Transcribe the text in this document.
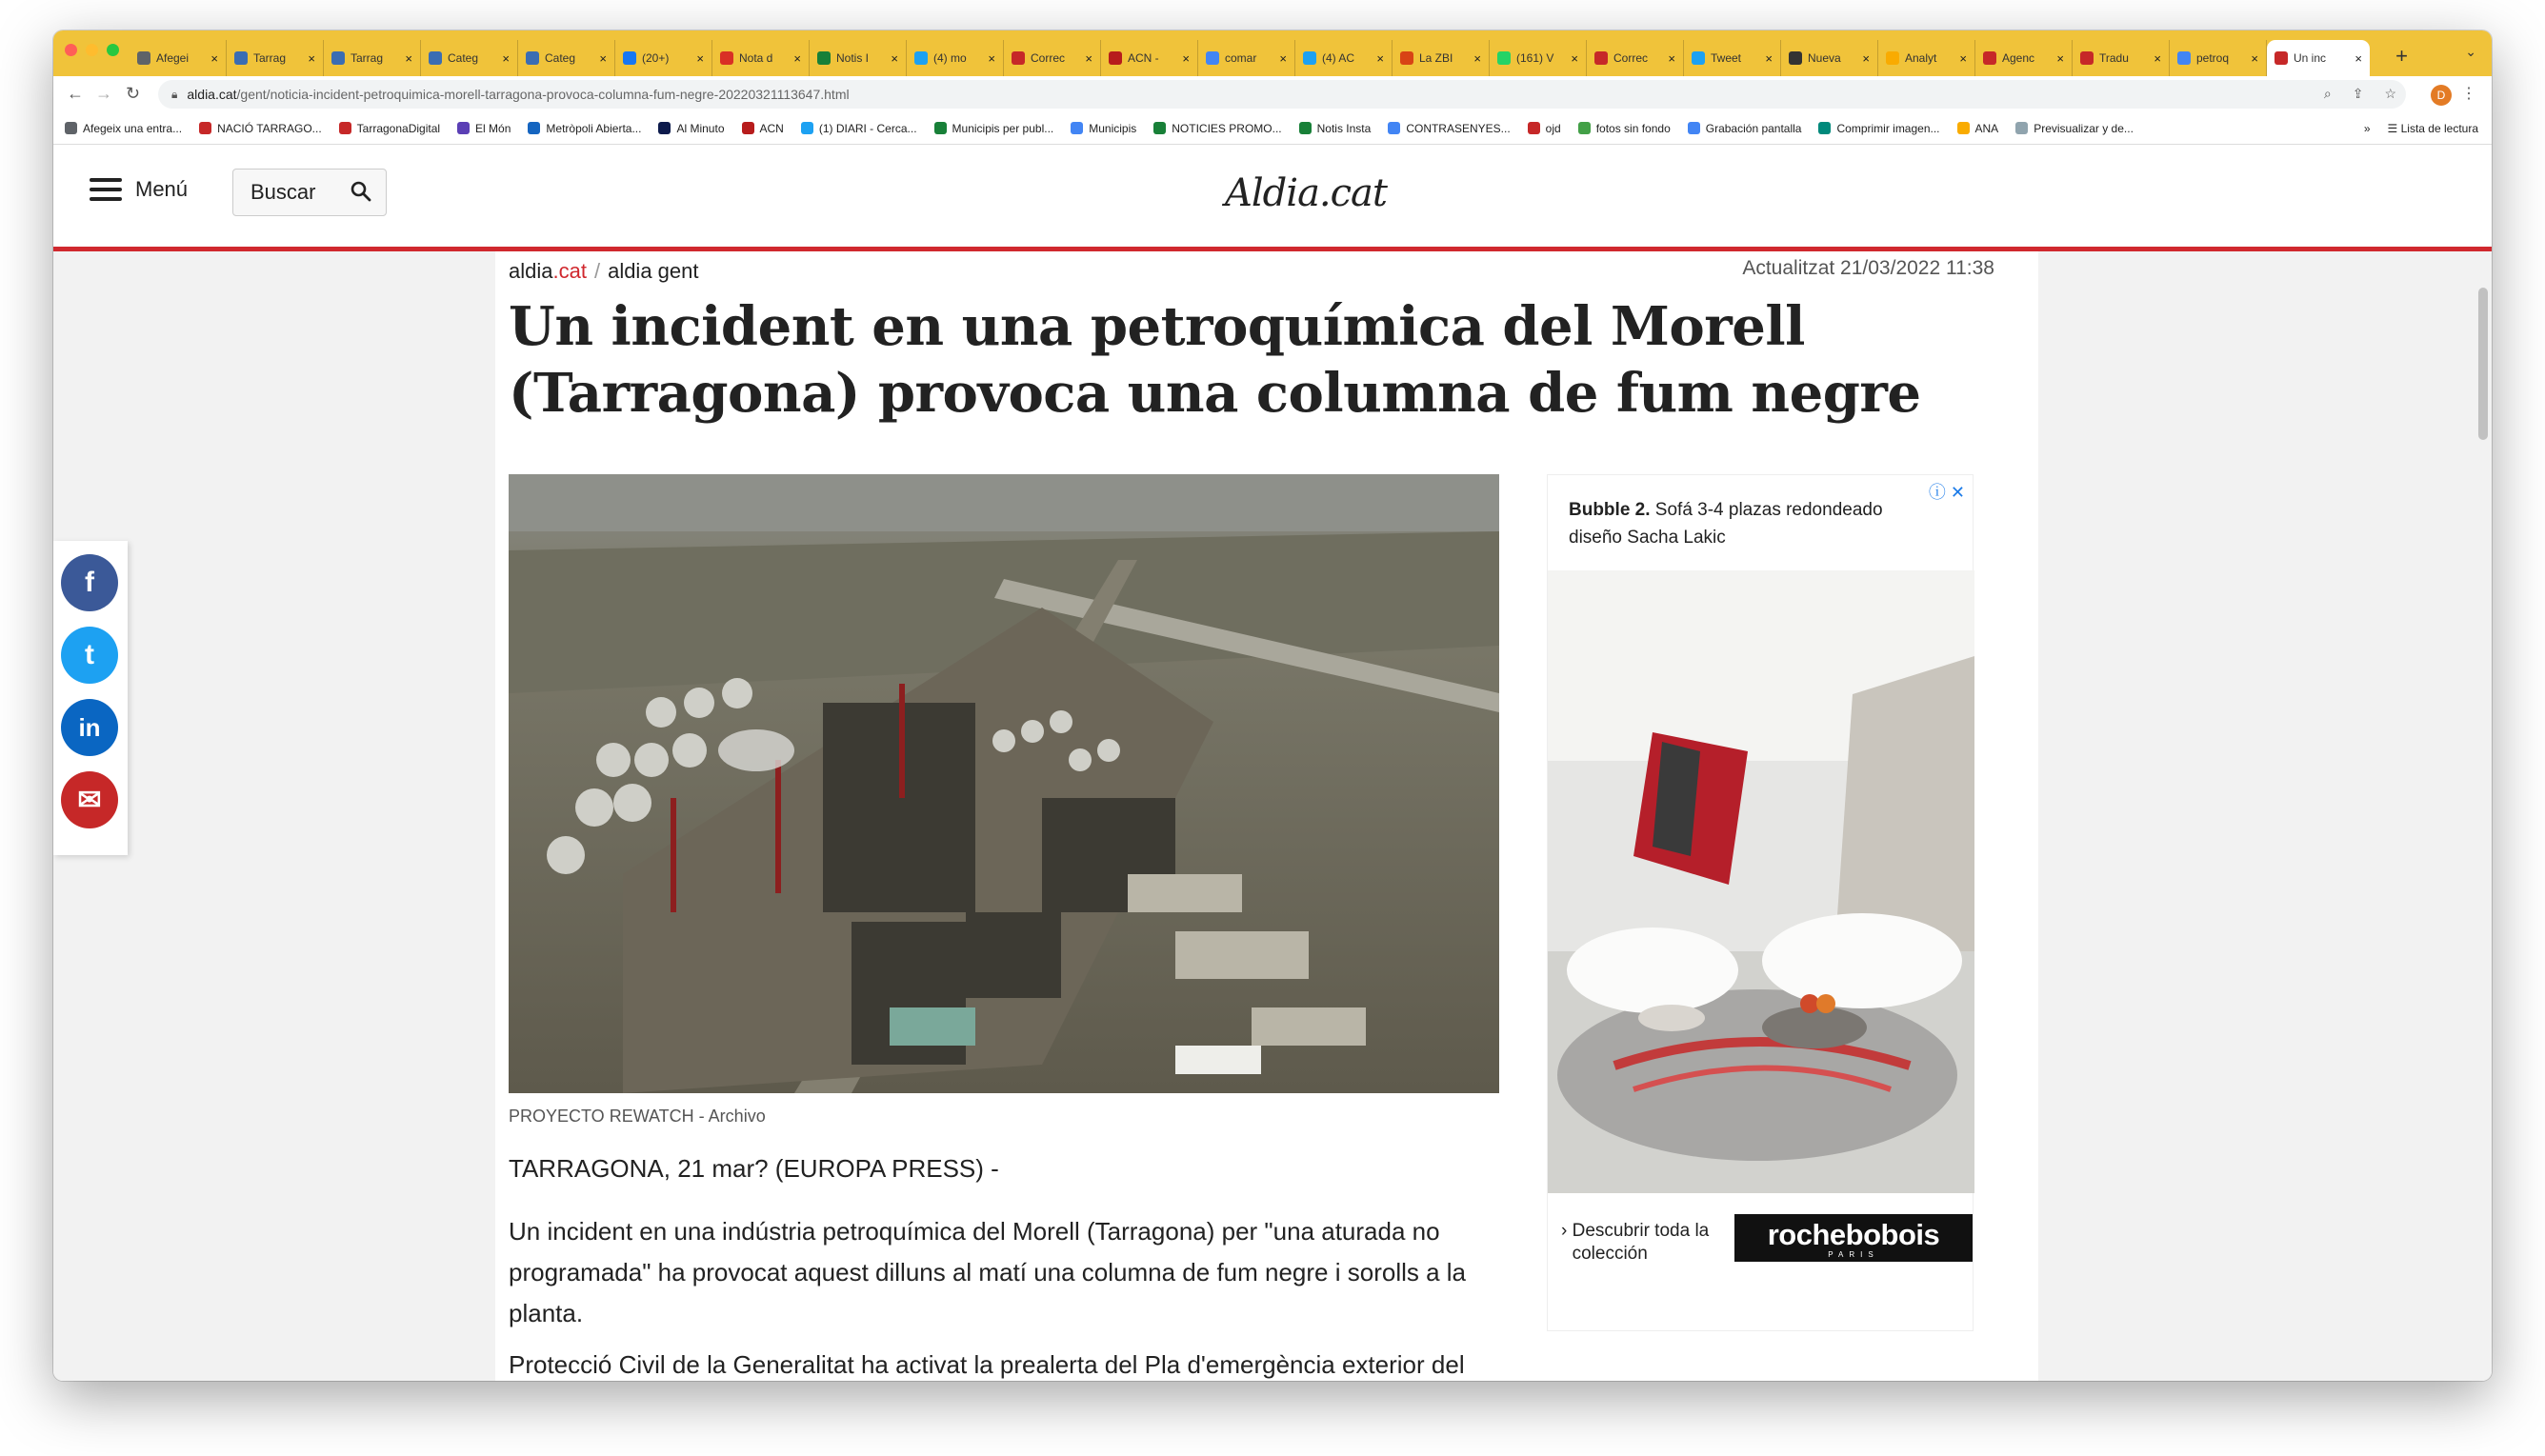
Afegei	×	Tarrag	×	Tarrag	×	Categ	×	Categ	×	(20+)	×	Nota d	×	Notis I	×	(4) mo	×	Correc	×	ACN -	×	comar	×	(4) AC	×	La ZBI	×	(161) V	×	Correc	×	Tweet	×	Nueva	×	Analyt	×	Agenc	×	Tradu	×	petroq	×	Un inc	× +	⌄
← → ↻	🔒︎ aldia.cat /gent/noticia-incident-petroquimica-morell-tarragona-provoca-columna-fum-negre-20220321113647.html	⌕ ⇪ ☆	D	⋮
Afegeix una entra...	NACIÓ TARRAGO...	TarragonaDigital	El Món	Metròpoli Abierta...	Al Minuto	ACN	(1) DIARI - Cerca...	Municipis per publ...	Municipis	NOTICIES PROMO...	Notis Insta	CONTRASENYES...	ojd	fotos sin fondo	Grabación pantalla	Comprimir imagen...	ANA	Previsualizar y de...	» ☰ Lista de lectura
Menú	Buscar	Aldia.cat
aldia.cat / aldia gent	Actualitzat 21/03/2022 11:38
Un incident en una petroquímica del Morell (Tarragona) provoca una columna de fum negre
PROYECTO REWATCH - Archivo
TARRAGONA, 21 mar? (EUROPA PRESS) -

Un incident en una indústria petroquímica del Morell (Tarragona) per "una aturada no programada" ha provocat aquest dilluns al matí una columna de fum negre i sorolls a la planta.

Protecció Civil de la Generalitat ha activat la prealerta del Pla d'emergència exterior del

ⓘ ✕
Bubble 2. Sofá 3-4 plazas redondeado diseño Sacha Lakic
› Descubrir toda la colección
rochebobois
PARIS
f
t
in
✉
